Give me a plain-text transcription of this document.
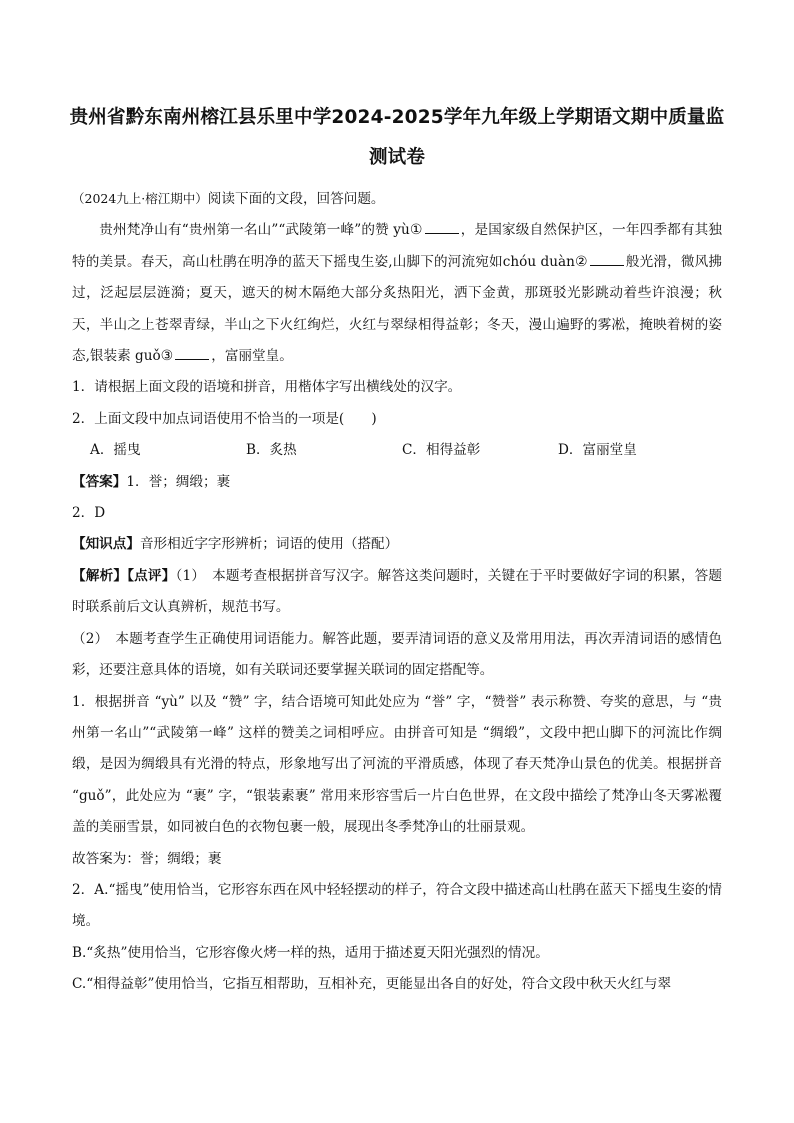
贵州省黔东南州榕江县乐里中学2024-2025学年九年级上学期语文期中质量监
测试卷

（2024九上·榕江期中）阅读下面的文段，回答问题。

贵州梵净山有“贵州第一名山”“武陵第一峰”的赞 yù①	，是国家级自然保护区，一年四季都有其独特的美景。春天，高山杜鹃在明净的蓝天下摇曳生姿,山脚下的河流宛如chóu duàn②	般光滑，微风拂过，泛起层层涟漪；夏天，遮天的树木隔绝大部分炙热阳光，洒下金黄，那斑驳光影跳动着些许浪漫；秋天，半山之上苍翠青绿，半山之下火红绚烂，火红与翠绿相得益彰；冬天，漫山遍野的雾凇，掩映着树的姿态,银装素 guǒ③	，富丽堂皇。

1．请根据上面文段的语境和拼音，用楷体字写出横线处的汉字。

2．上面文段中加点词语使用不恰当的一项是(　　)

A．摇曳	B．炙热	C．相得益彰	D．富丽堂皇

【答案】1．誉；绸缎；裹

2．D

【知识点】音形相近字字形辨析；词语的使用（搭配）

【解析】【点评】（1）　本题考查根据拼音写汉字。解答这类问题时，关键在于平时要做好字词的积累，答题时联系前后文认真辨析，规范书写。

（2）　本题考查学生正确使用词语能力。解答此题，要弄清词语的意义及常用用法，再次弄清词语的感情色彩，还要注意具体的语境，如有关联词还要掌握关联词的固定搭配等。

1．根据拼音 “yù” 以及 “赞” 字，结合语境可知此处应为 “誉” 字，“赞誉” 表示称赞、夸奖的意思，与 “贵州第一名山”“武陵第一峰” 这样的赞美之词相呼应。由拼音可知是 “绸缎”，文段中把山脚下的河流比作绸缎，是因为绸缎具有光滑的特点，形象地写出了河流的平滑质感，体现了春天梵净山景色的优美。根据拼音 “guǒ”，此处应为 “裹” 字，“银装素裹” 常用来形容雪后一片白色世界，在文段中描绘了梵净山冬天雾凇覆盖的美丽雪景，如同被白色的衣物包裹一般，展现出冬季梵净山的壮丽景观。

故答案为：誉；绸缎；裹

2．A.“摇曳”使用恰当，它形容东西在风中轻轻摆动的样子，符合文段中描述高山杜鹃在蓝天下摇曳生姿的情境。

B.“炙热”使用恰当，它形容像火烤一样的热，适用于描述夏天阳光强烈的情况。

C.“相得益彰”使用恰当，它指互相帮助，互相补充，更能显出各自的好处，符合文段中秋天火红与翠
